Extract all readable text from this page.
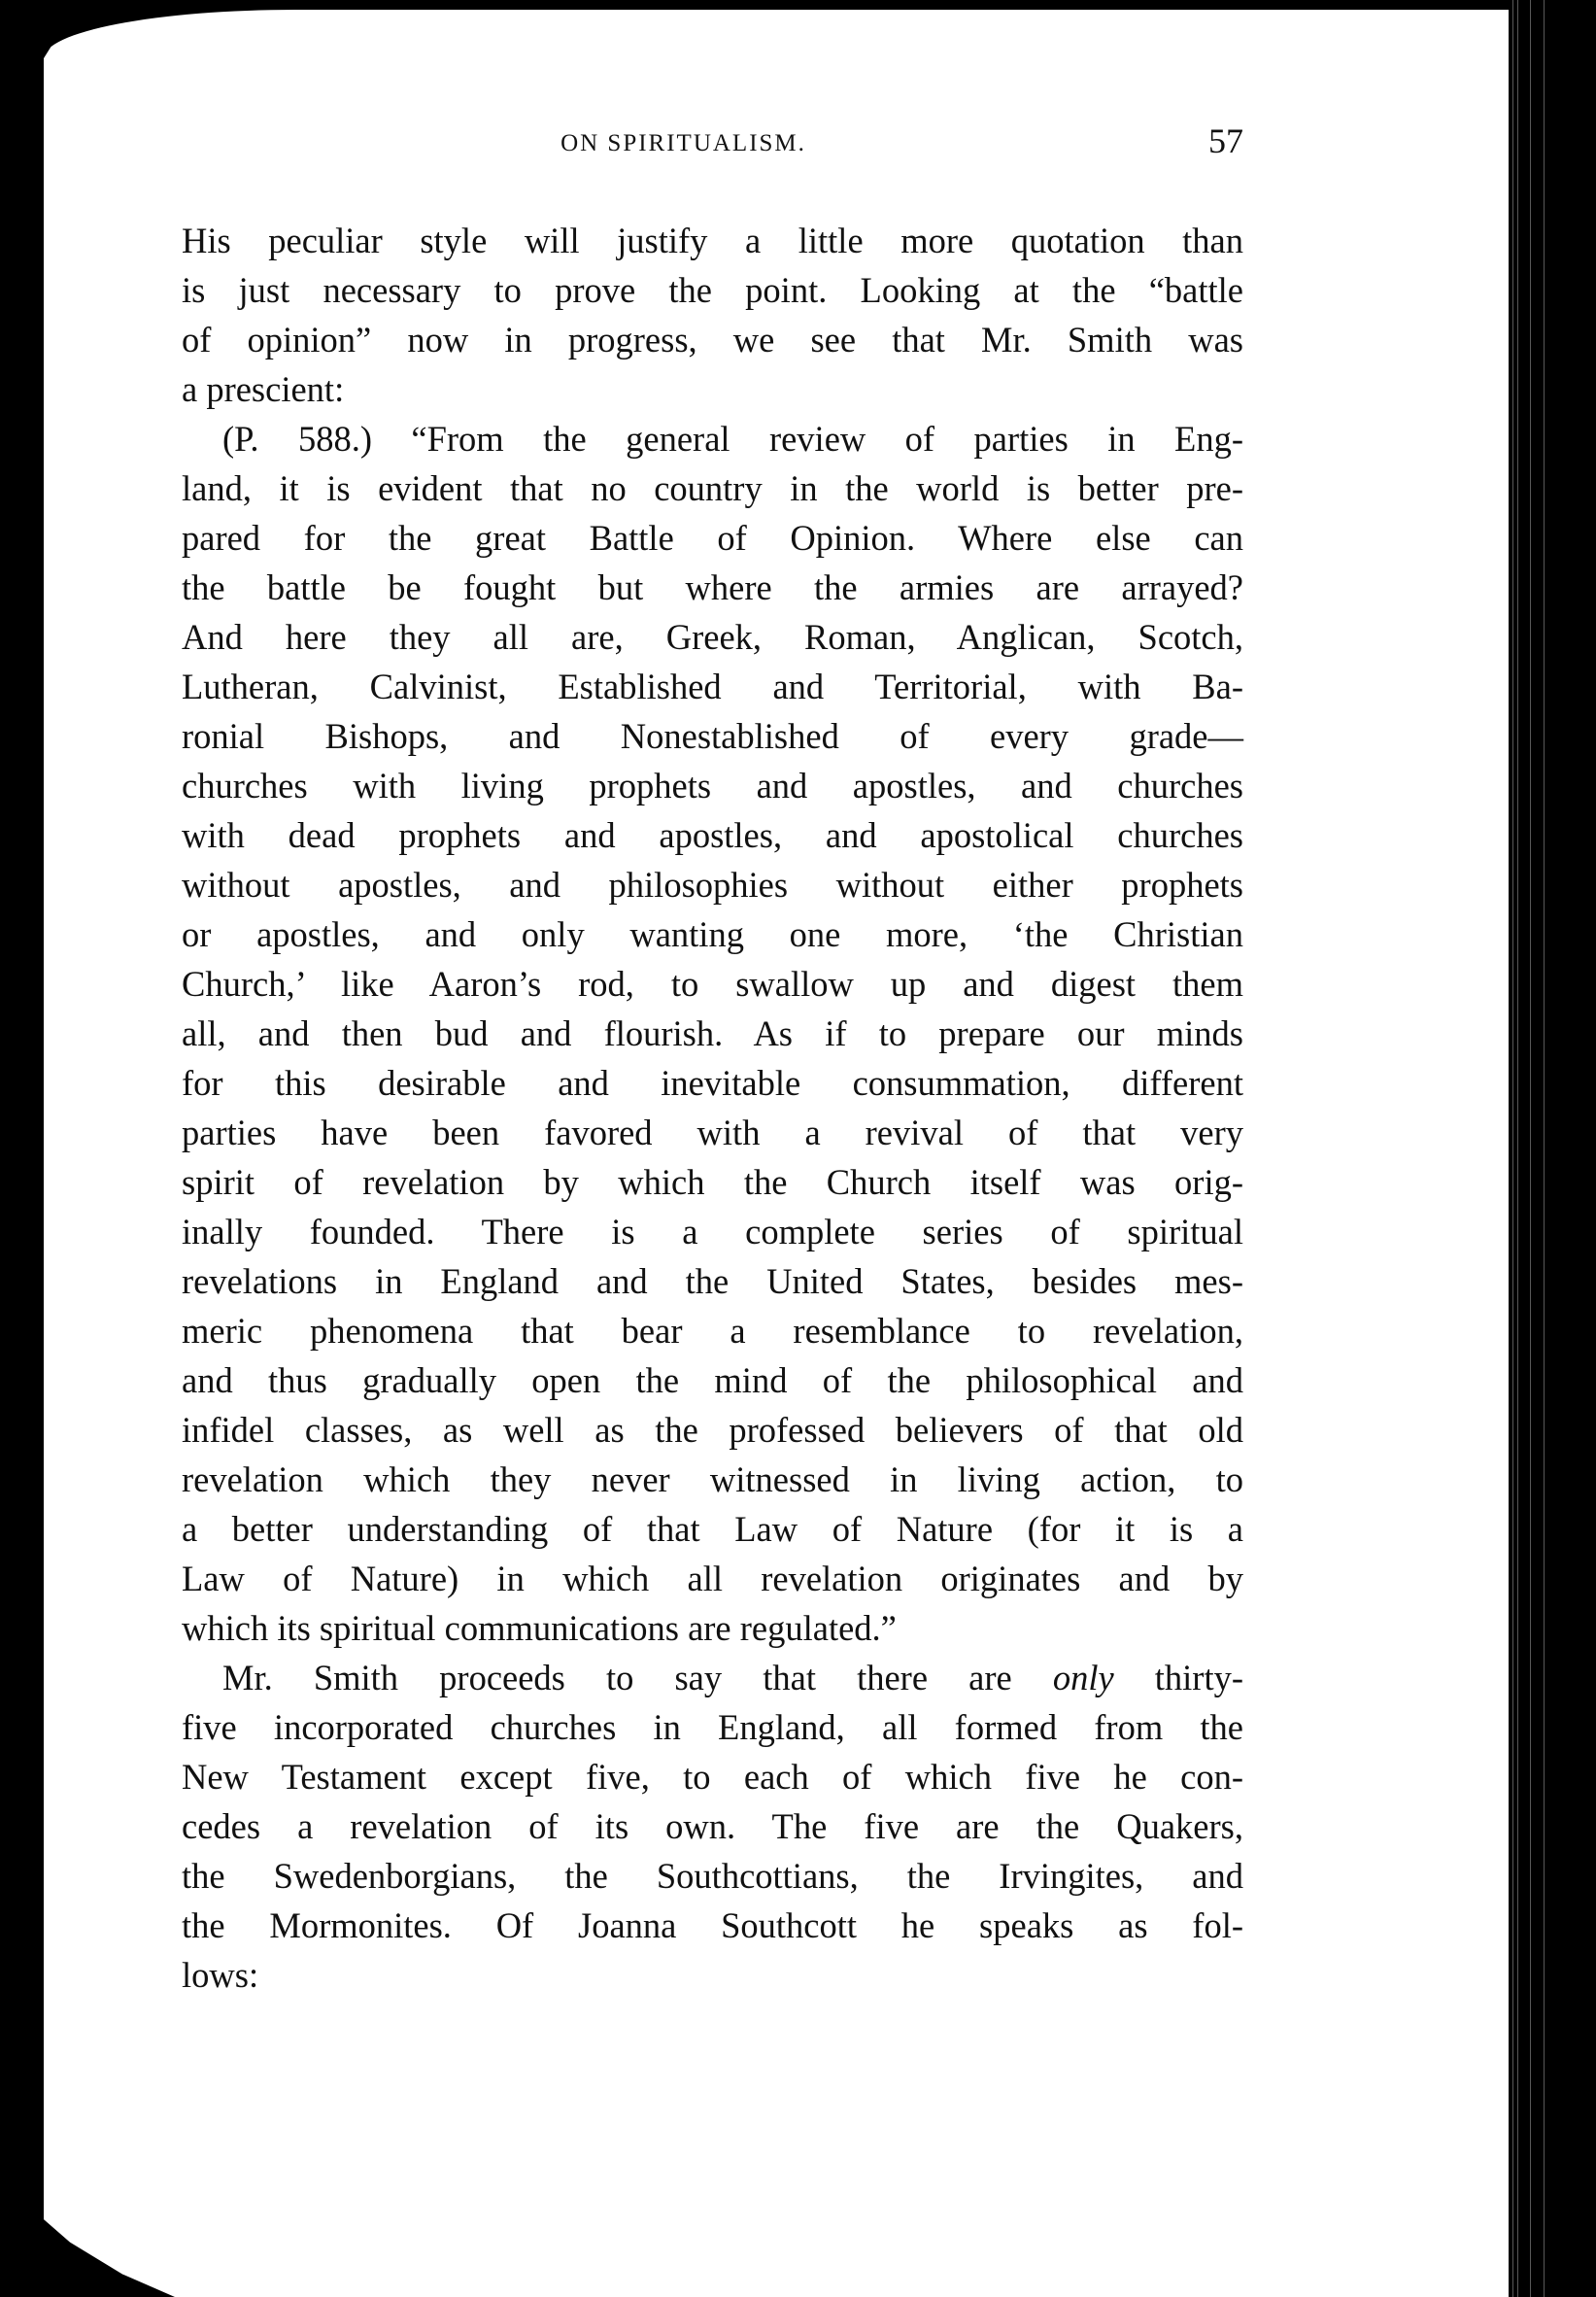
ON SPIRITUALISM.	57
His peculiar style will justify a little more quotation than
is just necessary to prove the point. Looking at the “battle
of opinion” now in progress, we see that Mr. Smith was
a prescient:
(P. 588.) “From the general review of parties in Eng-
land, it is evident that no country in the world is better pre-
pared for the great Battle of Opinion. Where else can
the battle be fought but where the armies are arrayed?
And here they all are, Greek, Roman, Anglican, Scotch,
Lutheran, Calvinist, Established and Territorial, with Ba-
ronial Bishops, and Nonestablished of every grade—
churches with living prophets and apostles, and churches
with dead prophets and apostles, and apostolical churches
without apostles, and philosophies without either prophets
or apostles, and only wanting one more, ‘the Christian
Church,’ like Aaron’s rod, to swallow up and digest them
all, and then bud and flourish. As if to prepare our minds
for this desirable and inevitable consummation, different
parties have been favored with a revival of that very
spirit of revelation by which the Church itself was orig-
inally founded. There is a complete series of spiritual
revelations in England and the United States, besides mes-
meric phenomena that bear a resemblance to revelation,
and thus gradually open the mind of the philosophical and
infidel classes, as well as the professed believers of that old
revelation which they never witnessed in living action, to
a better understanding of that Law of Nature (for it is a
Law of Nature) in which all revelation originates and by
which its spiritual communications are regulated.”
Mr. Smith proceeds to say that there are only thirty-
five incorporated churches in England, all formed from the
New Testament except five, to each of which five he con-
cedes a revelation of its own. The five are the Quakers,
the Swedenborgians, the Southcottians, the Irvingites, and
the Mormonites. Of Joanna Southcott he speaks as fol-
lows:
